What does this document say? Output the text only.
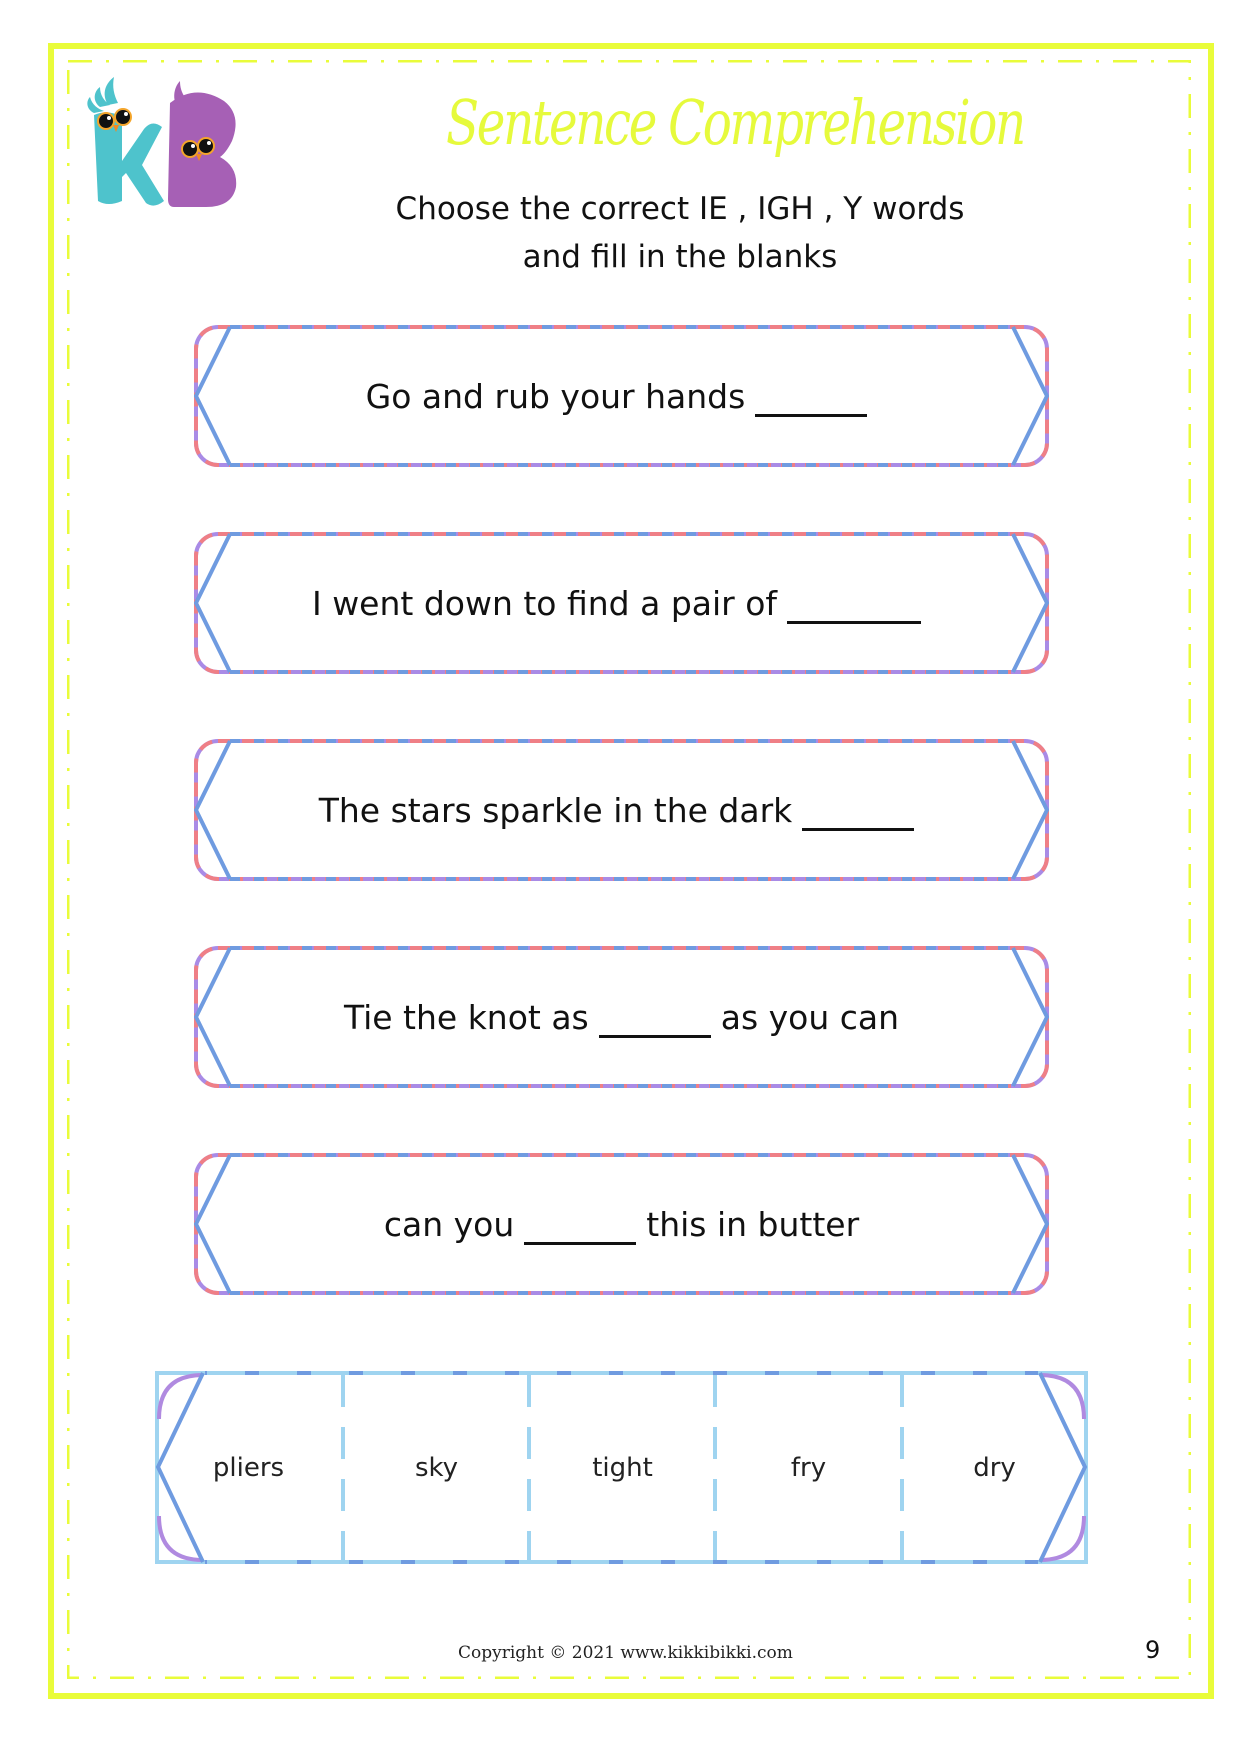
Sentence Comprehension
Choose the correct IE , IGH , Y words
and fill in the blanks
Go and rub your hands
I went down to find a pair of
The stars sparkle in the dark
Tie the knot as	as you can
can you	this in butter
pliers	sky	tight	fry	dry
Copyright © 2021 www.kikkibikki.com	9
